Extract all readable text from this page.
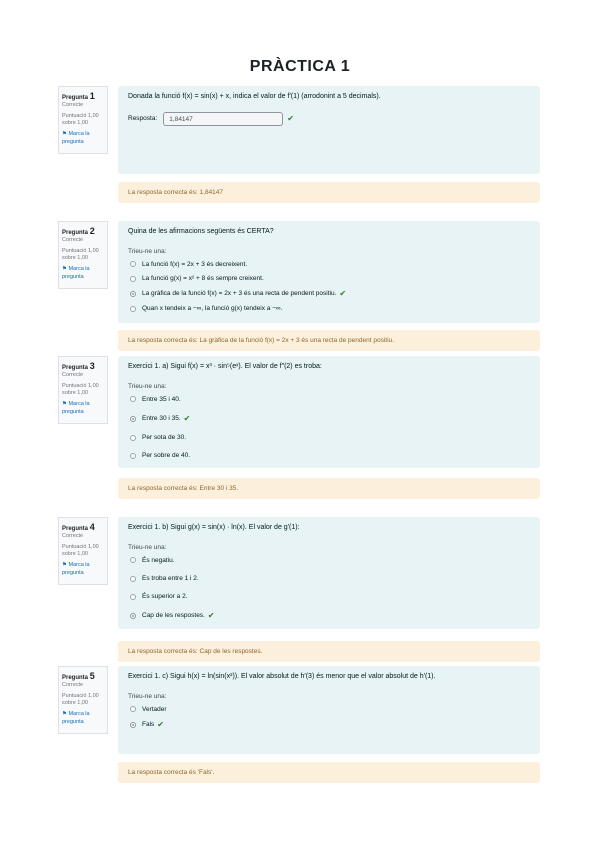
PRÀCTICA 1
Pregunta 1
Correcte
Puntuació 1,00 sobre 1,00
⚑ Marca la pregunta
Donada la funció f(x) = sin(x) + x, indica el valor de f′(1) (arrodonint a 5 decimals).
Resposta:	1,84147	✔
La resposta correcta és: 1,84147
Pregunta 2
Correcte
Puntuació 1,00 sobre 1,00
⚑ Marca la pregunta
Quina de les afirmacions següents és CERTA?
Trieu-ne una:
La funció f(x) = 2x + 3 és decreixent.
La funció g(x) = x² + 8 és sempre creixent.
La gràfica de la funció f(x) = 2x + 3 és una recta de pendent positiu. ✔
Quan x tendeix a −∞, la funció g(x) tendeix a −∞.
La resposta correcta és: La gràfica de la funció f(x) = 2x + 3 és una recta de pendent positiu.
Pregunta 3
Correcte
Puntuació 1,00 sobre 1,00
⚑ Marca la pregunta
Exercici 1. a) Sigui f(x) = x³ · sin⁵(eˣ). El valor de f″(2) es troba:
Trieu-ne una:
Entre 35 i 40.
Entre 30 i 35. ✔
Per sota de 30.
Per sobre de 40.
La resposta correcta és: Entre 30 i 35.
Pregunta 4
Correcte
Puntuació 1,00 sobre 1,00
⚑ Marca la pregunta
Exercici 1. b) Sigui g(x) = sin(x) · ln(x). El valor de g′(1):
Trieu-ne una:
És negatiu.
Es troba entre 1 i 2.
És superior a 2.
Cap de les respostes. ✔
La resposta correcta és: Cap de les respostes.
Pregunta 5
Correcte
Puntuació 1,00 sobre 1,00
⚑ Marca la pregunta
Exercici 1. c) Sigui h(x) = ln(sin(x²)). El valor absolut de h′(3) és menor que el valor absolut de h′(1).
Trieu-ne una:
Vertader
Fals ✔
La resposta correcta és 'Fals'.
